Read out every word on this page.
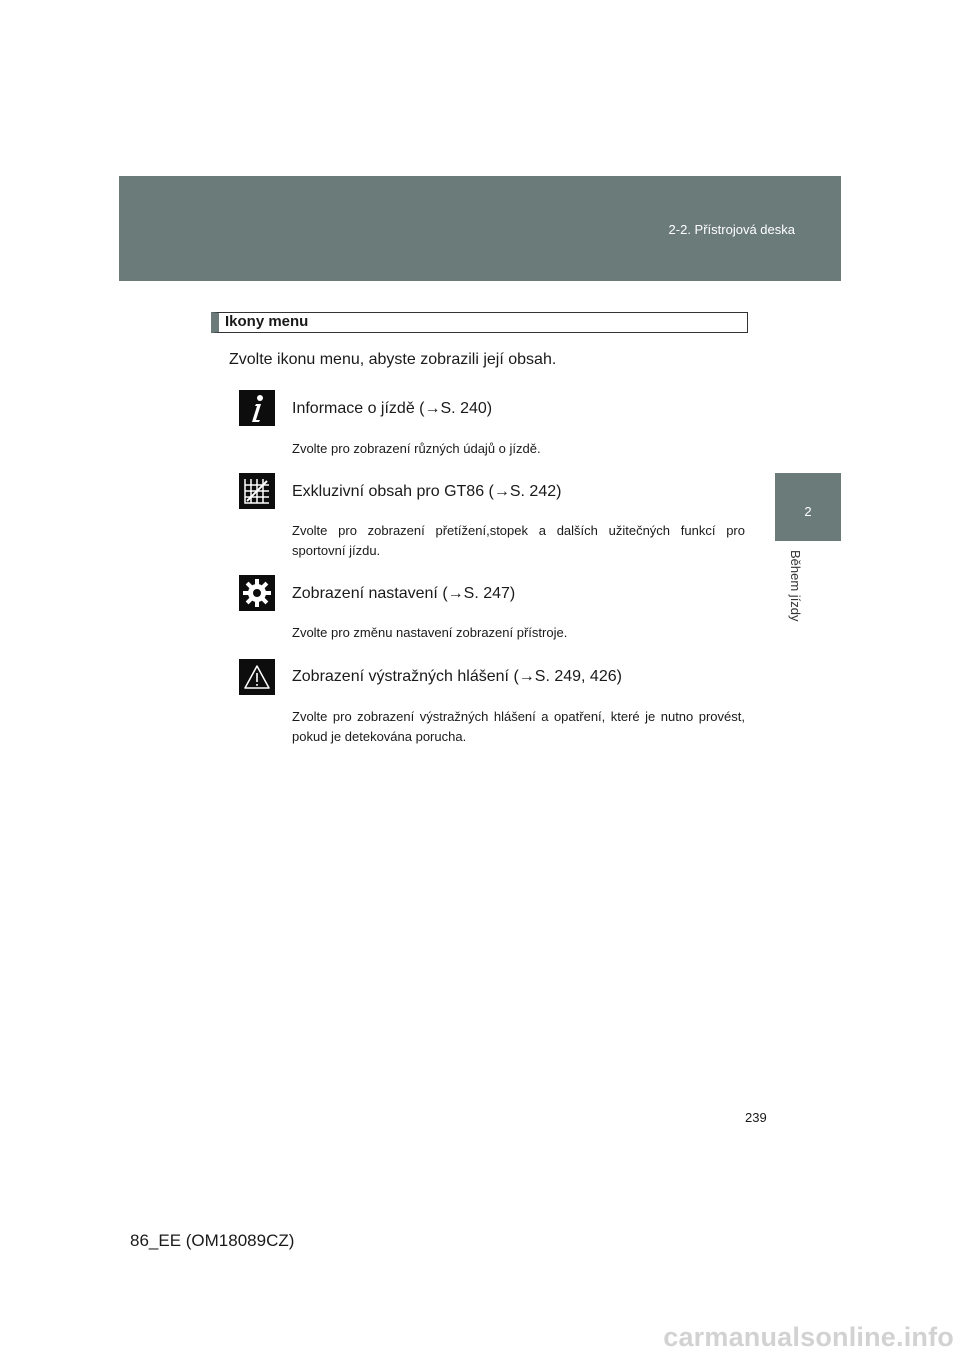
2-2. Přístrojová deska
2
Během jízdy
Ikony menu
Zvolte ikonu menu, abyste zobrazili její obsah.
Informace o jízdě (→S. 240)
Zvolte pro zobrazení různých údajů o jízdě.
Exkluzivní obsah pro GT86 (→S. 242)
Zvolte pro zobrazení přetížení,stopek a dalších užitečných funkcí pro sportovní jízdu.
Zobrazení nastavení (→S. 247)
Zvolte pro změnu nastavení zobrazení přístroje.
Zobrazení výstražných hlášení (→S. 249, 426)
Zvolte pro zobrazení výstražných hlášení a opatření, které je nutno provést, pokud je detekována porucha.
239
86_EE (OM18089CZ)
carmanualsonline.info
